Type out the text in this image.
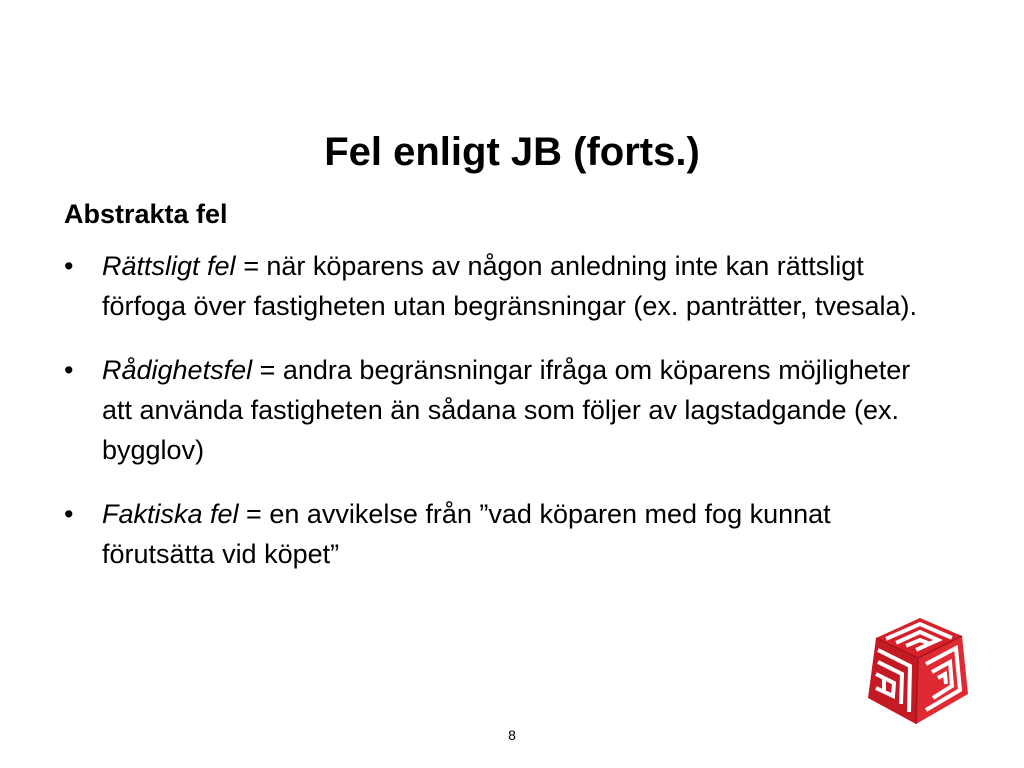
Fel enligt JB (forts.)
Abstrakta fel
•	Rättsligt fel = när köparens av någon anledning inte kan rättsligt förfoga över fastigheten utan begränsningar (ex. panträtter, tvesala).
•	Rådighetsfel = andra begränsningar ifråga om köparens möjligheter att använda fastigheten än sådana som följer av lagstadgande (ex. bygglov)
•	Faktiska fel = en avvikelse från ”vad köparen med fog kunnat förutsätta vid köpet”
8
